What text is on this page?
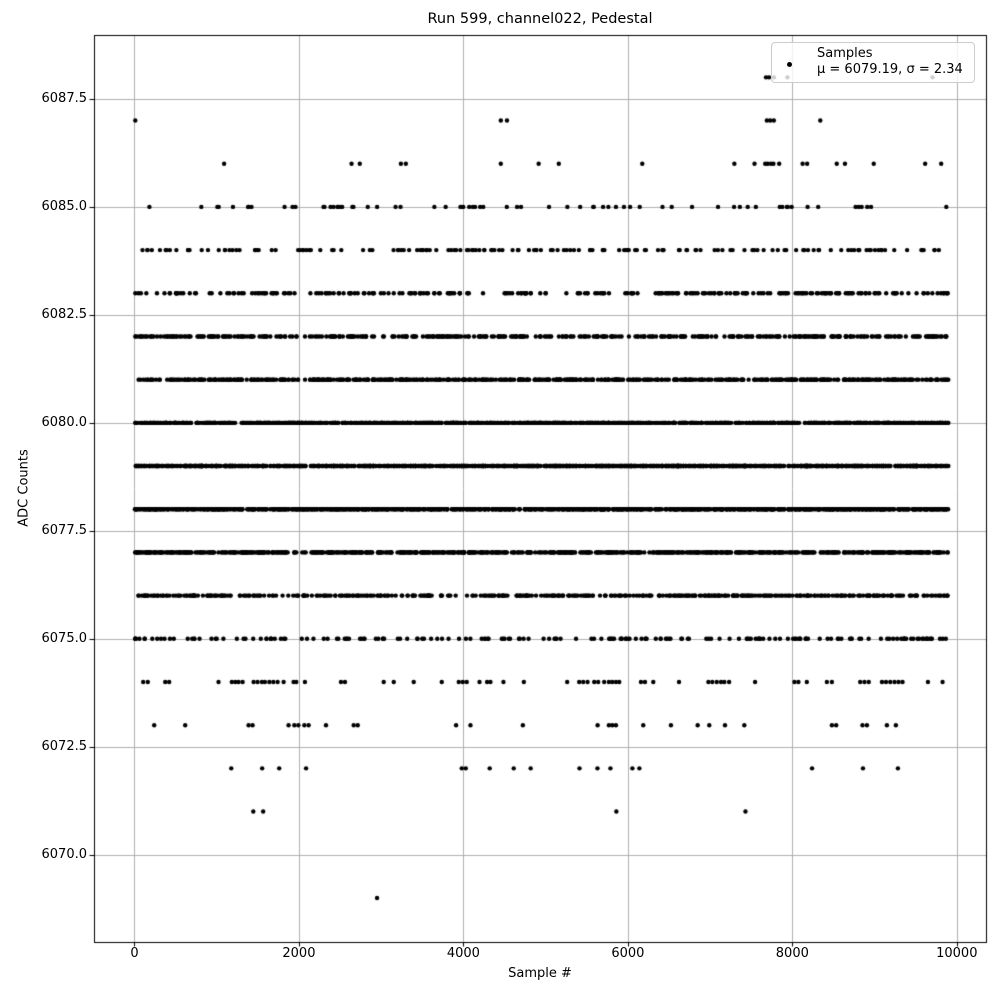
Run 599, channel022, Pedestal
Sample #
ADC Counts
0	2000	4000	6000	8000	10000
6070.0
6072.5
6075.0
6077.5
6080.0
6082.5
6085.0
6087.5
Samples
μ = 6079.19, σ = 2.34
